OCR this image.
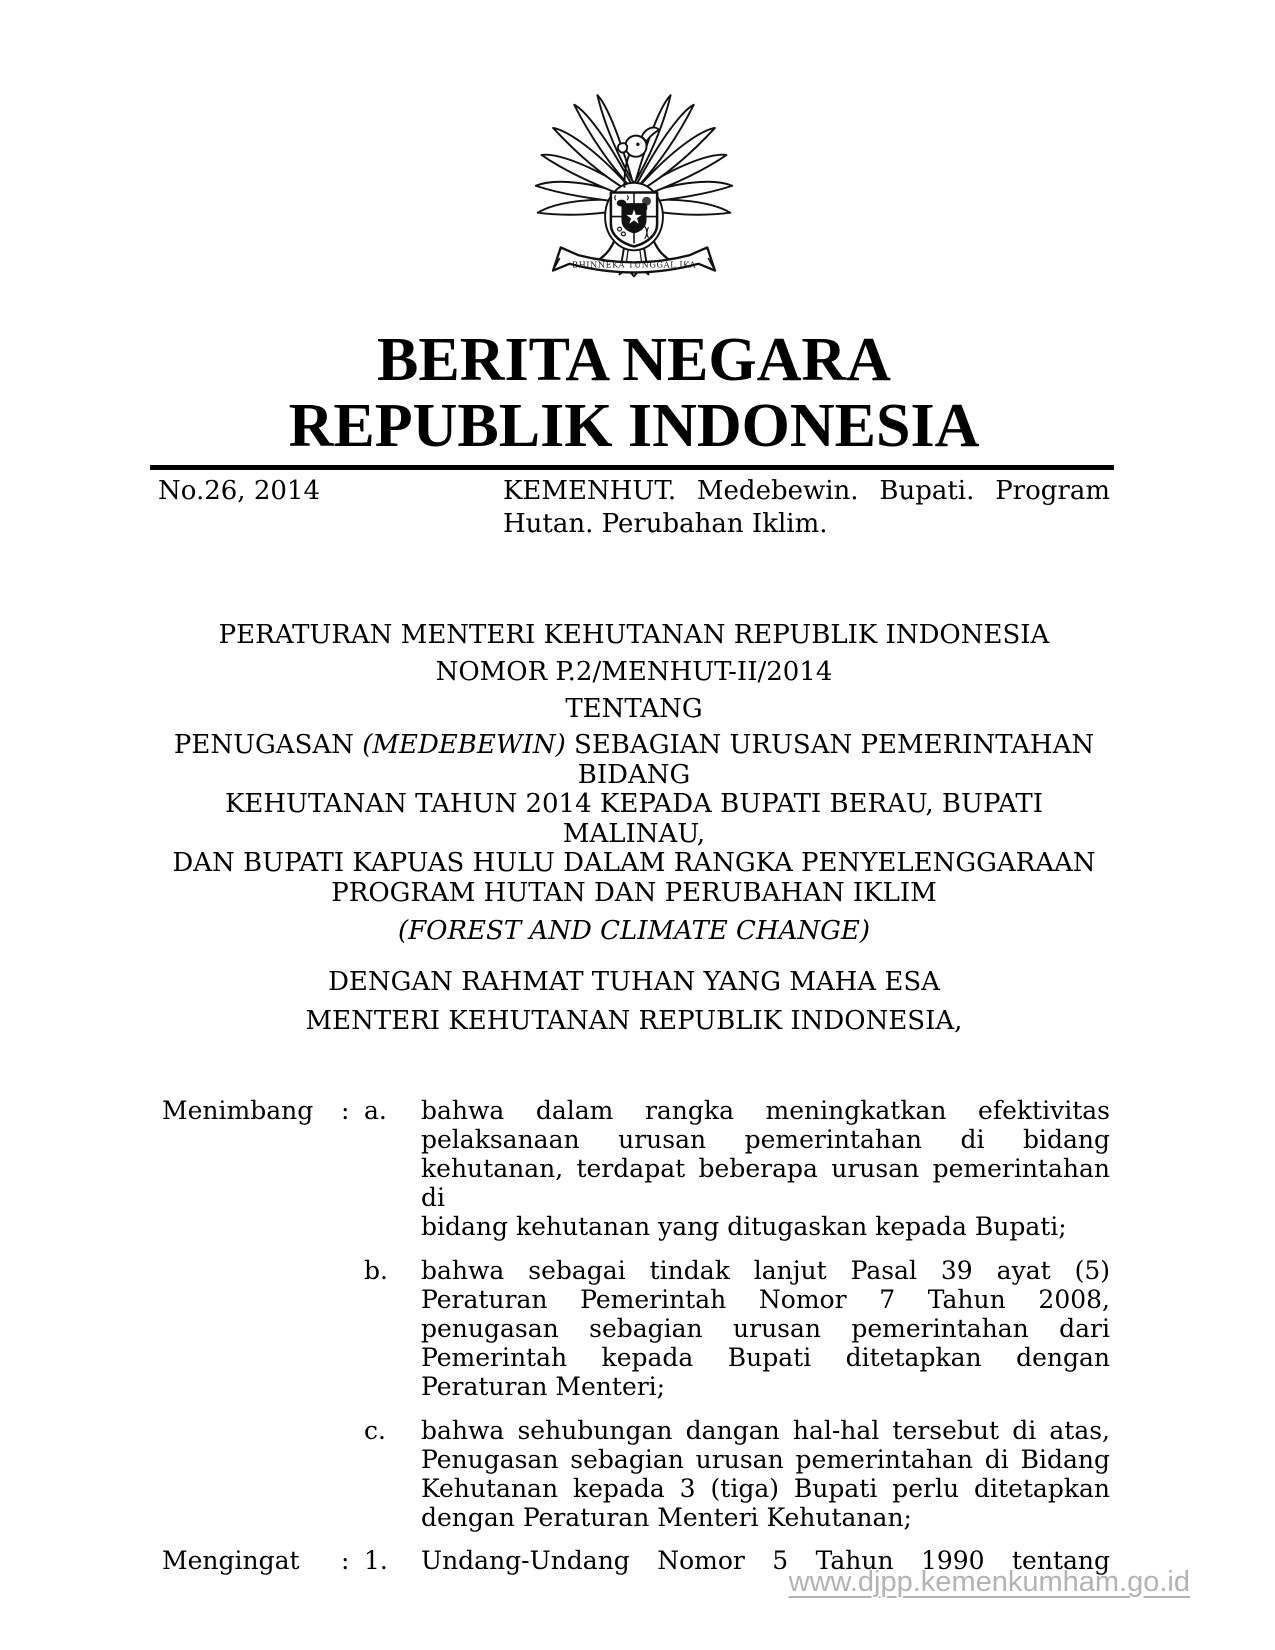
BHINNEKA TUNGGAL IKA
BERITA NEGARA
REPUBLIK INDONESIA
No.26, 2014	KEMENHUT. Medebewin. Bupati. Program
Hutan. Perubahan Iklim.
PERATURAN MENTERI KEHUTANAN REPUBLIK INDONESIA
NOMOR P.2/MENHUT-II/2014
TENTANG
PENUGASAN (MEDEBEWIN) SEBAGIAN URUSAN PEMERINTAHAN BIDANG
KEHUTANAN TAHUN 2014 KEPADA BUPATI BERAU, BUPATI MALINAU,
DAN BUPATI KAPUAS HULU DALAM RANGKA PENYELENGGARAAN
PROGRAM HUTAN DAN PERUBAHAN IKLIM
(FOREST AND CLIMATE CHANGE)
DENGAN RAHMAT TUHAN YANG MAHA ESA
MENTERI KEHUTANAN REPUBLIK INDONESIA,
Menimbang	: a.	bahwa dalam rangka meningkatkan efektivitas
pelaksanaan urusan pemerintahan di bidang
kehutanan, terdapat beberapa urusan pemerintahan di
bidang kehutanan yang ditugaskan kepada Bupati;
b.	bahwa sebagai tindak lanjut Pasal 39 ayat (5)
Peraturan Pemerintah Nomor 7 Tahun 2008,
penugasan sebagian urusan pemerintahan dari
Pemerintah kepada Bupati ditetapkan dengan
Peraturan Menteri;
c.	bahwa sehubungan dangan hal-hal tersebut di atas,
Penugasan sebagian urusan pemerintahan di Bidang
Kehutanan kepada 3 (tiga) Bupati perlu ditetapkan
dengan Peraturan Menteri Kehutanan;
Mengingat	: 1.	Undang-Undang Nomor 5 Tahun 1990 tentang
www.djpp.kemenkumham.go.id
